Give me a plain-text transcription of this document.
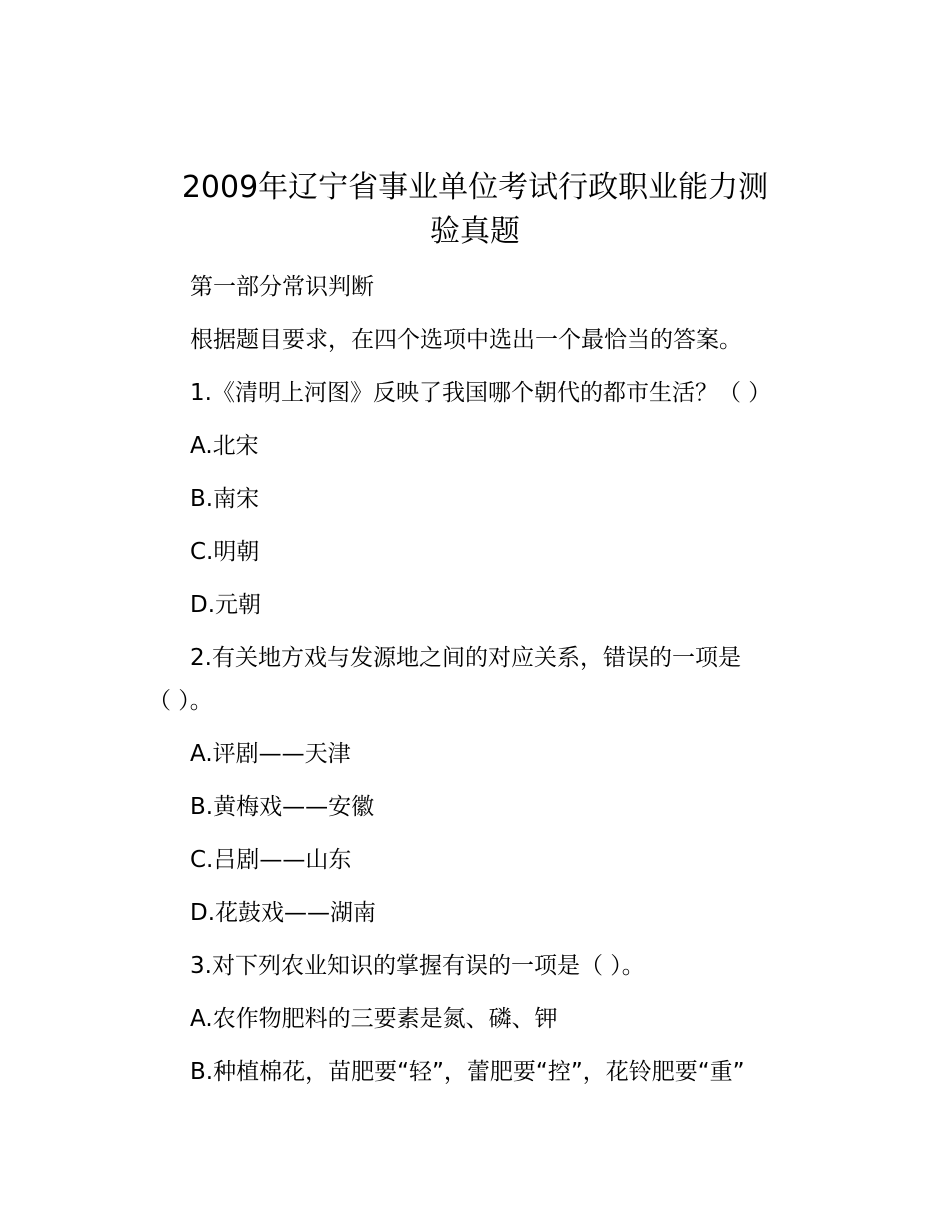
2009年辽宁省事业单位考试行政职业能力测
验真题
第一部分常识判断
根据题目要求，在四个选项中选出一个最恰当的答案。
1.《清明上河图》反映了我国哪个朝代的都市生活？（ ）
A.北宋
B.南宋
C.明朝
D.元朝
2.有关地方戏与发源地之间的对应关系，错误的一项是
（ ）。
A.评剧——天津
B.黄梅戏——安徽
C.吕剧——山东
D.花鼓戏——湖南
3.对下列农业知识的掌握有误的一项是（ ）。
A.农作物肥料的三要素是氮、磷、钾
B.种植棉花，苗肥要“轻”，蕾肥要“控”，花铃肥要“重”
